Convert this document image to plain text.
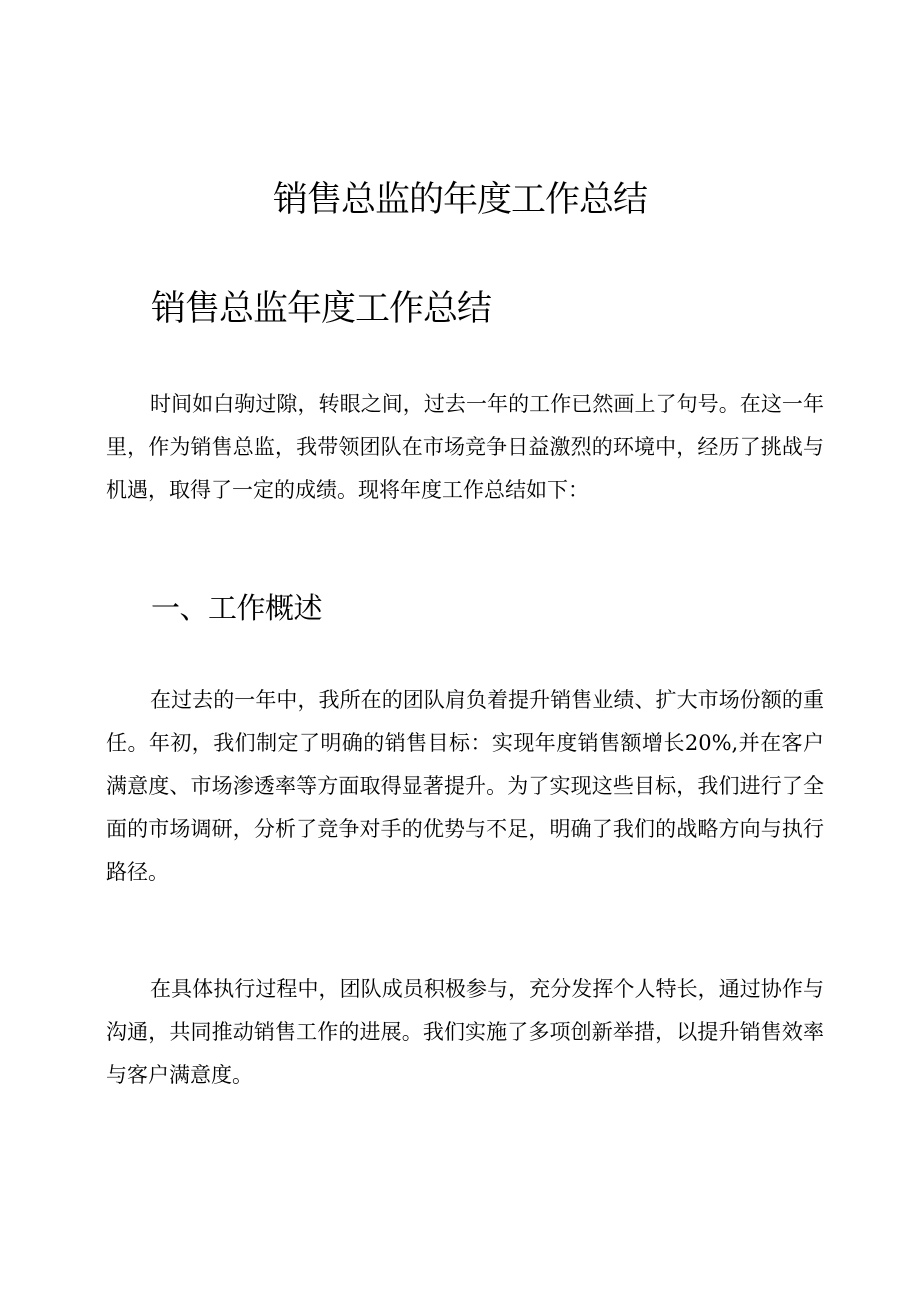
销售总监的年度工作总结
销售总监年度工作总结

时间如白驹过隙，转眼之间，过去一年的工作已然画上了句号。在这一年里，作为销售总监，我带领团队在市场竞争日益激烈的环境中，经历了挑战与机遇，取得了一定的成绩。现将年度工作总结如下：

一、工作概述

在过去的一年中，我所在的团队肩负着提升销售业绩、扩大市场份额的重任。年初，我们制定了明确的销售目标：实现年度销售额增长20%,并在客户满意度、市场渗透率等方面取得显著提升。为了实现这些目标，我们进行了全面的市场调研，分析了竞争对手的优势与不足，明确了我们的战略方向与执行路径。

在具体执行过程中，团队成员积极参与，充分发挥个人特长，通过协作与沟通，共同推动销售工作的进展。我们实施了多项创新举措，以提升销售效率与客户满意度。
